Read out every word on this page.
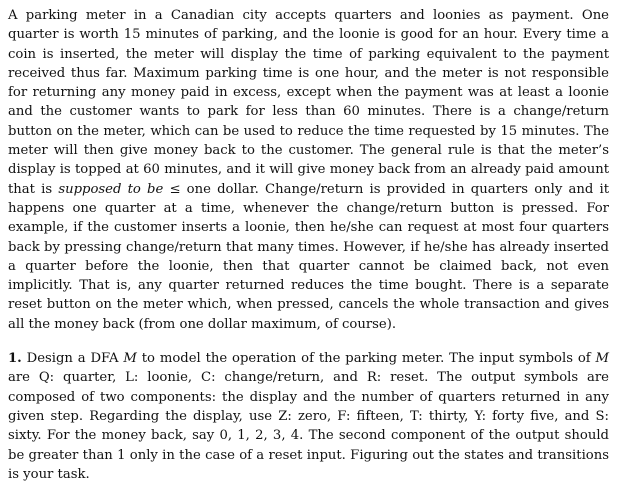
A parking meter in a Canadian city accepts quarters and loonies as payment. One quarter is worth 15 minutes of parking, and the loonie is good for an hour. Every time a coin is inserted, the meter will display the time of parking equivalent to the payment received thus far. Maximum parking time is one hour, and the meter is not responsible for returning any money paid in excess, except when the payment was at least a loonie and the customer wants to park for less than 60 minutes. There is a change/return button on the meter, which can be used to reduce the time requested by 15 minutes. The meter will then give money back to the customer. The general rule is that the meter’s display is topped at 60 minutes, and it will give money back from an already paid amount that is supposed to be ≤ one dollar. Change/return is provided in quarters only and it happens one quarter at a time, whenever the change/return button is pressed. For example, if the customer inserts a loonie, then he/she can request at most four quarters back by pressing change/return that many times. However, if he/she has already inserted a quarter before the loonie, then that quarter cannot be claimed back, not even implicitly. That is, any quarter returned reduces the time bought. There is a separate reset button on the meter which, when pressed, cancels the whole transaction and gives all the money back (from one dollar maximum, of course).

1. Design a DFA M to model the operation of the parking meter. The input symbols of M are Q: quarter, L: loonie, C: change/return, and R: reset. The output symbols are composed of two components: the display and the number of quarters returned in any given step. Regarding the display, use Z: zero, F: fifteen, T: thirty, Y: forty five, and S: sixty. For the money back, say 0, 1, 2, 3, 4. The second component of the output should be greater than 1 only in the case of a reset input. Figuring out the states and transitions is your task.
